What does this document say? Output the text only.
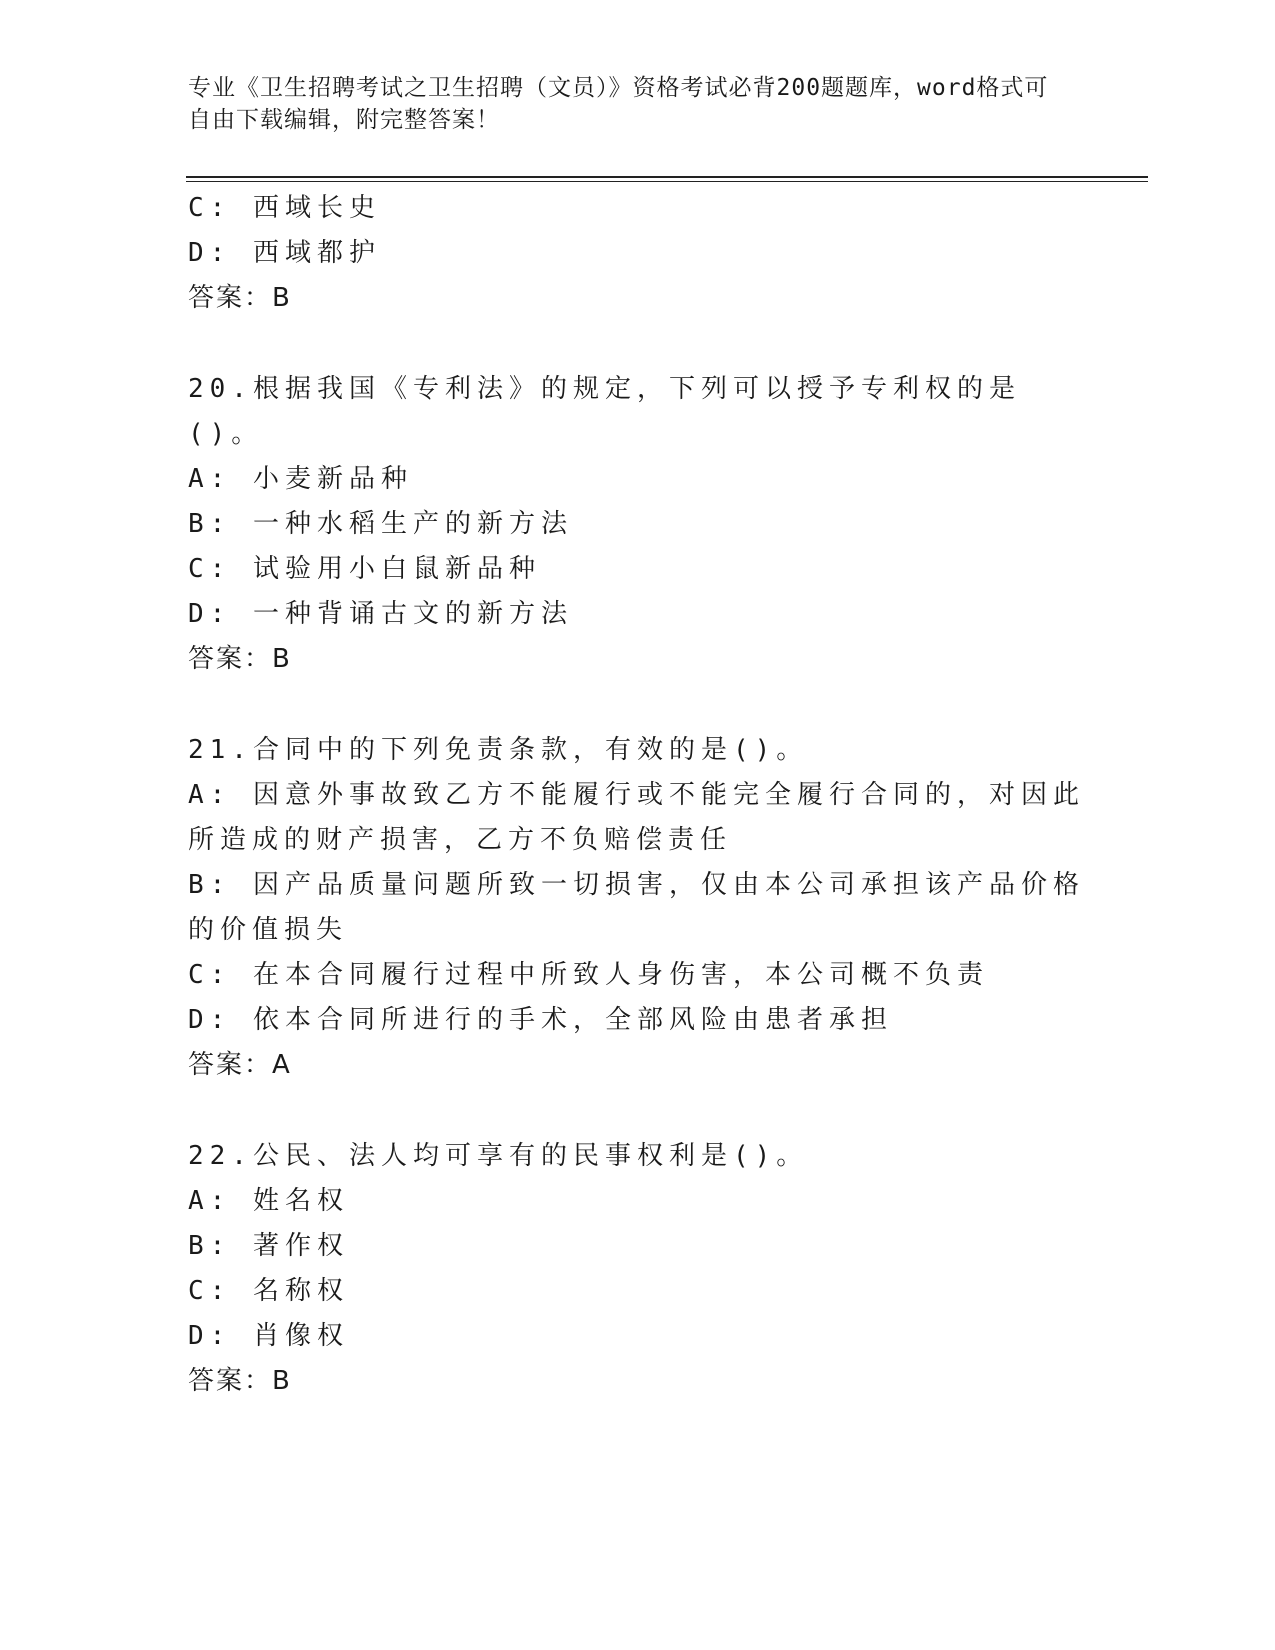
专业《卫生招聘考试之卫生招聘（文员）》资格考试必背200题题库，word格式可自由下载编辑，附完整答案！
C: 西域长史
D: 西域都护
答案：B
20.根据我国《专利法》的规定，下列可以授予专利权的是()。
A: 小麦新品种
B: 一种水稻生产的新方法
C: 试验用小白鼠新品种
D: 一种背诵古文的新方法
答案：B
21.合同中的下列免责条款，有效的是()。
A: 因意外事故致乙方不能履行或不能完全履行合同的，对因此所造成的财产损害，乙方不负赔偿责任
B: 因产品质量问题所致一切损害，仅由本公司承担该产品价格的价值损失
C: 在本合同履行过程中所致人身伤害，本公司概不负责
D: 依本合同所进行的手术，全部风险由患者承担
答案：A
22.公民、法人均可享有的民事权利是()。
A: 姓名权
B: 著作权
C: 名称权
D: 肖像权
答案：B
